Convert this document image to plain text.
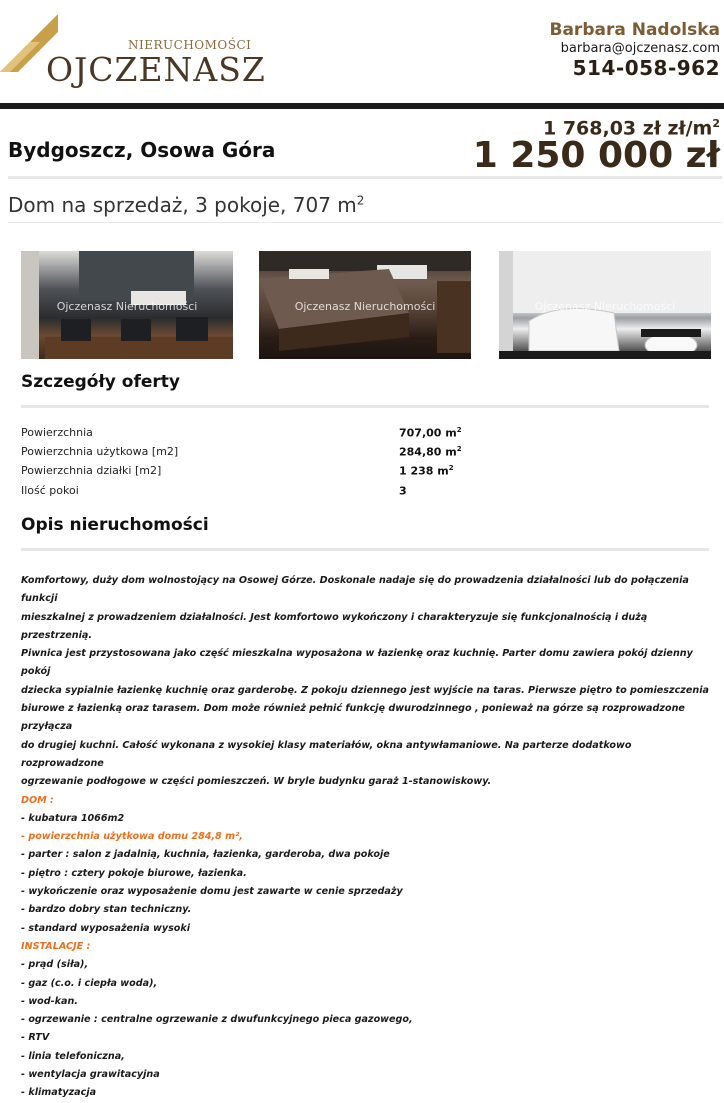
NIERUCHOMOŚCI
OJCZENASZ
Barbara Nadolska
barbara@ojczenasz.com
514-058-962
Bydgoszcz, Osowa Góra
1 768,03 zł $zł/m^2$
1 250 000 zł
Dom na sprzedaż, 3 pokoje, 707 $m^2$
Ojczenasz Nieruchomości	Ojczenasz Nieruchomości	Ojczenasz Nieruchomości
Szczegóły oferty
Powierzchnia	707,00 $m^2$
Powierzchnia użytkowa [m2]	284,80 $m^2$
Powierzchnia działki [m2]	1 238 $m^2$
Ilość pokoi	3
Opis nieruchomości

Komfortowy, duży dom wolnostojący na Osowej Górze. Doskonale nadaje się do prowadzenia działalności lub do połączenia funkcji

mieszkalnej z prowadzeniem działalności. Jest komfortowo wykończony i charakteryzuje się funkcjonalnością i dużą przestrzenią.

Piwnica jest przystosowana jako część mieszkalna wyposażona w łazienkę oraz kuchnię. Parter domu zawiera pokój dzienny pokój

dziecka sypialnie łazienkę kuchnię oraz garderobę. Z pokoju dziennego jest wyjście na taras. Pierwsze piętro to pomieszczenia

biurowe z łazienką oraz tarasem. Dom może również pełnić funkcję dwurodzinnego , ponieważ na górze są rozprowadzone przyłącza

do drugiej kuchni. Całość wykonana z wysokiej klasy materiałów, okna antywłamaniowe. Na parterze dodatkowo rozprowadzone

ogrzewanie podłogowe w części pomieszczeń. W bryle budynku garaż 1-stanowiskowy.

DOM :

- kubatura 1066m2

- powierzchnia użytkowa domu 284,8 m²,

- parter : salon z jadalnią, kuchnia, łazienka, garderoba, dwa pokoje

- piętro : cztery pokoje biurowe, łazienka.

- wykończenie oraz wyposażenie domu jest zawarte w cenie sprzedaży

- bardzo dobry stan techniczny.

- standard wyposażenia wysoki

INSTALACJE :

- prąd (siła),

- gaz (c.o. i ciepła woda),

- wod-kan.

- ogrzewanie : centralne ogrzewanie z dwufunkcyjnego pieca gazowego,

- RTV

- linia telefoniczna,

- wentylacja grawitacyjna

- klimatyzacja
